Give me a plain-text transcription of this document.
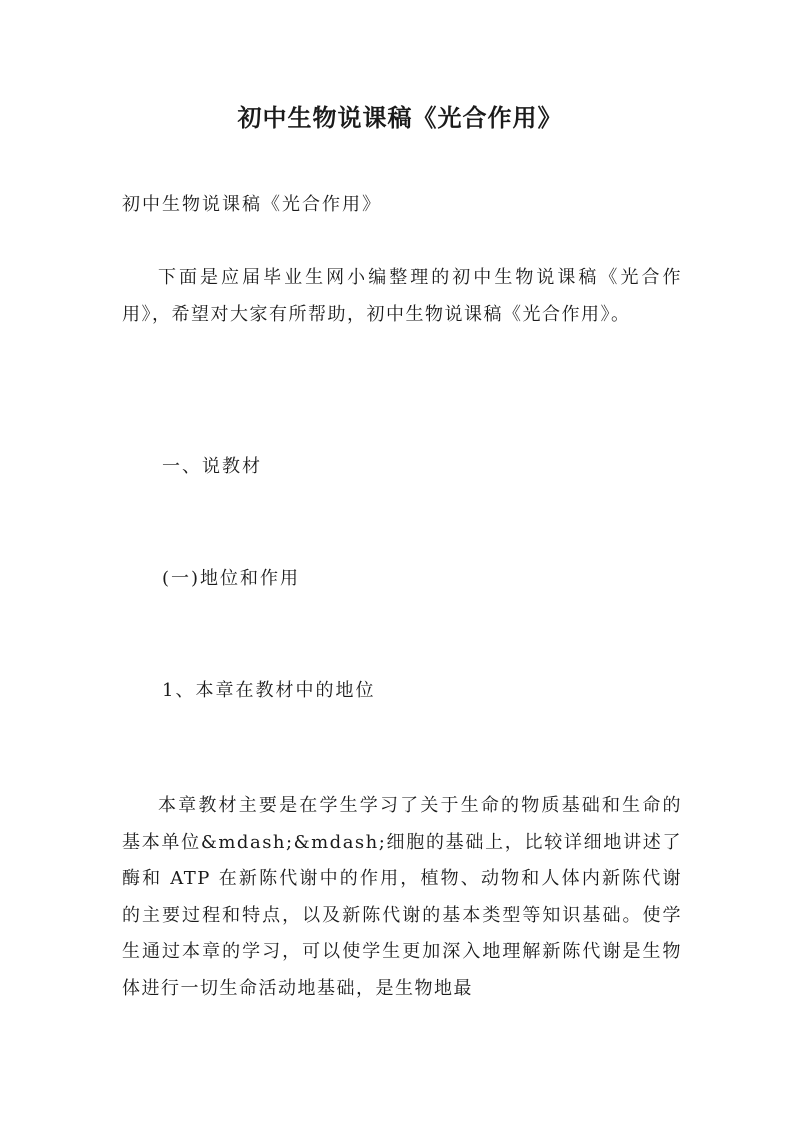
初中生物说课稿《光合作用》
初中生物说课稿《光合作用》
下面是应届毕业生网小编整理的初中生物说课稿《光合作用》，希望对大家有所帮助，初中生物说课稿《光合作用》。
一、说教材
(一)地位和作用
1、本章在教材中的地位
本章教材主要是在学生学习了关于生命的物质基础和生命的基本单位&mdash;&mdash;细胞的基础上，比较详细地讲述了酶和 ATP 在新陈代谢中的作用，植物、动物和人体内新陈代谢的主要过程和特点，以及新陈代谢的基本类型等知识基础。使学生通过本章的学习，可以使学生更加深入地理解新陈代谢是生物体进行一切生命活动地基础，是生物地最
